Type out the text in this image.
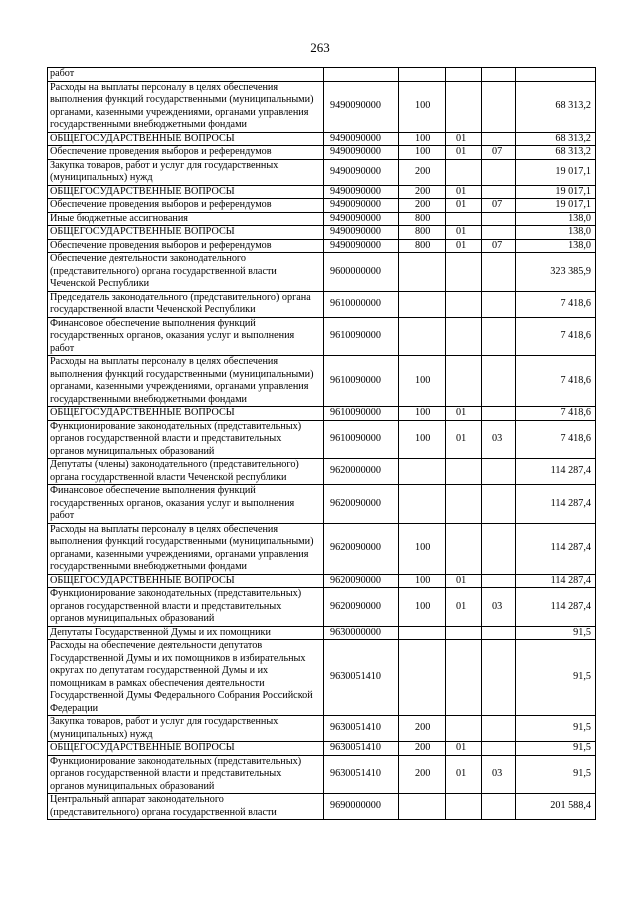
263
работ					
Расходы на выплаты персоналу в целях обеспечения выполнения функций государственными (муниципальными) органами, казенными учреждениями, органами управления государственными внебюджетными фондами	9490090000	100			68 313,2
ОБЩЕГОСУДАРСТВЕННЫЕ ВОПРОСЫ	9490090000	100	01		68 313,2
Обеспечение проведения выборов и референдумов	9490090000	100	01	07	68 313,2
Закупка товаров, работ и услуг для государственных (муниципальных) нужд	9490090000	200			19 017,1
ОБЩЕГОСУДАРСТВЕННЫЕ ВОПРОСЫ	9490090000	200	01		19 017,1
Обеспечение проведения выборов и референдумов	9490090000	200	01	07	19 017,1
Иные бюджетные ассигнования	9490090000	800			138,0
ОБЩЕГОСУДАРСТВЕННЫЕ ВОПРОСЫ	9490090000	800	01		138,0
Обеспечение проведения выборов и референдумов	9490090000	800	01	07	138,0
Обеспечение деятельности законодательного (представительного) органа государственной власти Чеченской Республики	9600000000				323 385,9
Председатель законодательного (представительного) органа государственной власти Чеченской Республики	9610000000				7 418,6
Финансовое обеспечение выполнения функций государственных органов, оказания услуг и выполнения работ	9610090000				7 418,6
Расходы на выплаты персоналу в целях обеспечения выполнения функций государственными (муниципальными) органами, казенными учреждениями, органами управления государственными внебюджетными фондами	9610090000	100			7 418,6
ОБЩЕГОСУДАРСТВЕННЫЕ ВОПРОСЫ	9610090000	100	01		7 418,6
Функционирование законодательных (представительных) органов государственной власти и представительных органов муниципальных образований	9610090000	100	01	03	7 418,6
Депутаты (члены) законодательного (представительного) органа государственной власти Чеченской республики	9620000000				114 287,4
Финансовое обеспечение выполнения функций государственных органов, оказания услуг и выполнения работ	9620090000				114 287,4
Расходы на выплаты персоналу в целях обеспечения выполнения функций государственными (муниципальными) органами, казенными учреждениями, органами управления государственными внебюджетными фондами	9620090000	100			114 287,4
ОБЩЕГОСУДАРСТВЕННЫЕ ВОПРОСЫ	9620090000	100	01		114 287,4
Функционирование законодательных (представительных) органов государственной власти и представительных органов муниципальных образований	9620090000	100	01	03	114 287,4
Депутаты Государственной Думы и их помощники	9630000000				91,5
Расходы на обеспечение деятельности депутатов Государственной Думы и их помощников в избирательных округах по депутатам государственной Думы и их помощникам в рамках обеспечения деятельности Государственной Думы Федерального Собрания Российской Федерации	9630051410				91,5
Закупка товаров, работ и услуг для государственных (муниципальных) нужд	9630051410	200			91,5
ОБЩЕГОСУДАРСТВЕННЫЕ ВОПРОСЫ	9630051410	200	01		91,5
Функционирование законодательных (представительных) органов государственной власти и представительных органов муниципальных образований	9630051410	200	01	03	91,5
Центральный аппарат законодательного (представительного) органа государственной власти	9690000000				201 588,4
